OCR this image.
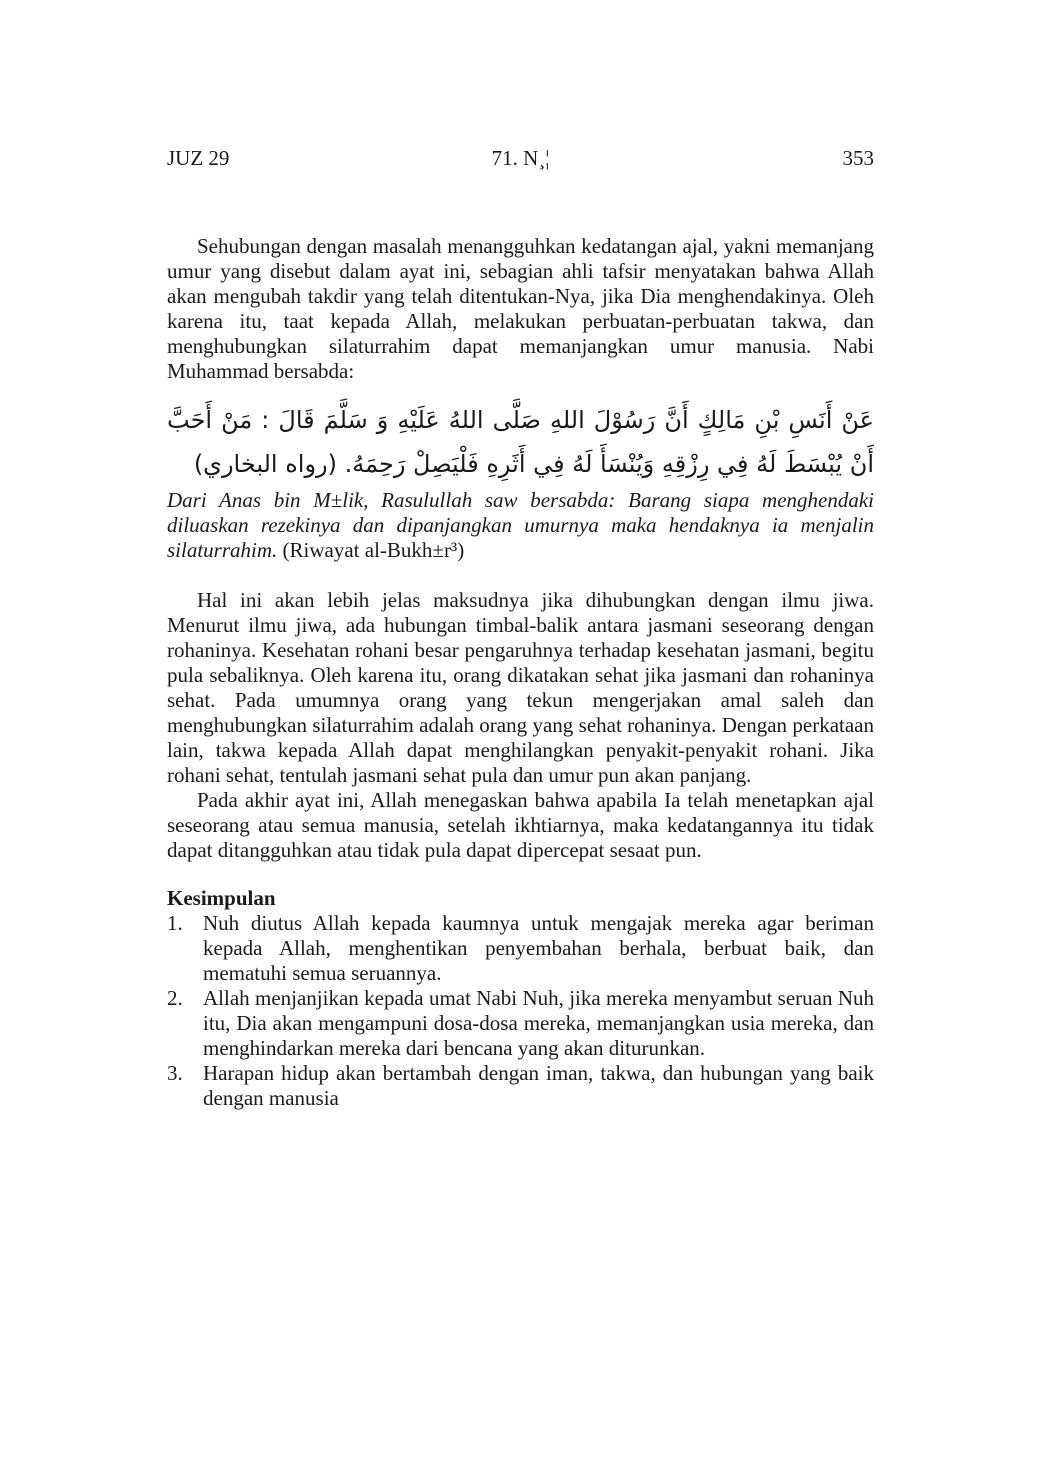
JUZ 29	71. N¸¦	353

Sehubungan dengan masalah menangguhkan kedatangan ajal, yakni memanjang umur yang disebut dalam ayat ini, sebagian ahli tafsir menyatakan bahwa Allah akan mengubah takdir yang telah ditentukan-Nya, jika Dia menghendakinya. Oleh karena itu, taat kepada Allah, melakukan perbuatan-perbuatan takwa, dan menghubungkan silaturrahim dapat memanjangkan umur manusia. Nabi Muhammad bersabda:

عَنْ أَنَسِ بْنِ مَالِكٍ أَنَّ رَسُوْلَ اللهِ صَلَّى اللهُ عَلَيْهِ وَ سَلَّمَ قَالَ : مَنْ أَحَبَّ أَنْ يُبْسَطَ لَهُ فِي رِزْقِهِ وَيُنْسَأَ لَهُ فِي أَثَرِهِ فَلْيَصِلْ رَحِمَهُ. (رواه البخاري)

Dari Anas bin M±lik, Rasulullah saw bersabda: Barang siapa menghendaki diluaskan rezekinya dan dipanjangkan umurnya maka hendaknya ia menjalin silaturrahim. (Riwayat al-Bukh±r³)

Hal ini akan lebih jelas maksudnya jika dihubungkan dengan ilmu jiwa. Menurut ilmu jiwa, ada hubungan timbal-balik antara jasmani seseorang dengan rohaninya. Kesehatan rohani besar pengaruhnya terhadap kesehatan jasmani, begitu pula sebaliknya. Oleh karena itu, orang dikatakan sehat jika jasmani dan rohaninya sehat. Pada umumnya orang yang tekun mengerjakan amal saleh dan menghubungkan silaturrahim adalah orang yang sehat rohaninya. Dengan perkataan lain, takwa kepada Allah dapat menghilangkan penyakit-penyakit rohani. Jika rohani sehat, tentulah jasmani sehat pula dan umur pun akan panjang.

Pada akhir ayat ini, Allah menegaskan bahwa apabila Ia telah menetapkan ajal seseorang atau semua manusia, setelah ikhtiarnya, maka kedatangannya itu tidak dapat ditangguhkan atau tidak pula dapat dipercepat sesaat pun.

Kesimpulan
1. Nuh diutus Allah kepada kaumnya untuk mengajak mereka agar beriman kepada Allah, menghentikan penyembahan berhala, berbuat baik, dan mematuhi semua seruannya.
2. Allah menjanjikan kepada umat Nabi Nuh, jika mereka menyambut seruan Nuh itu, Dia akan mengampuni dosa-dosa mereka, memanjangkan usia mereka, dan menghindarkan mereka dari bencana yang akan diturunkan.
3. Harapan hidup akan bertambah dengan iman, takwa, dan hubungan yang baik dengan manusia
